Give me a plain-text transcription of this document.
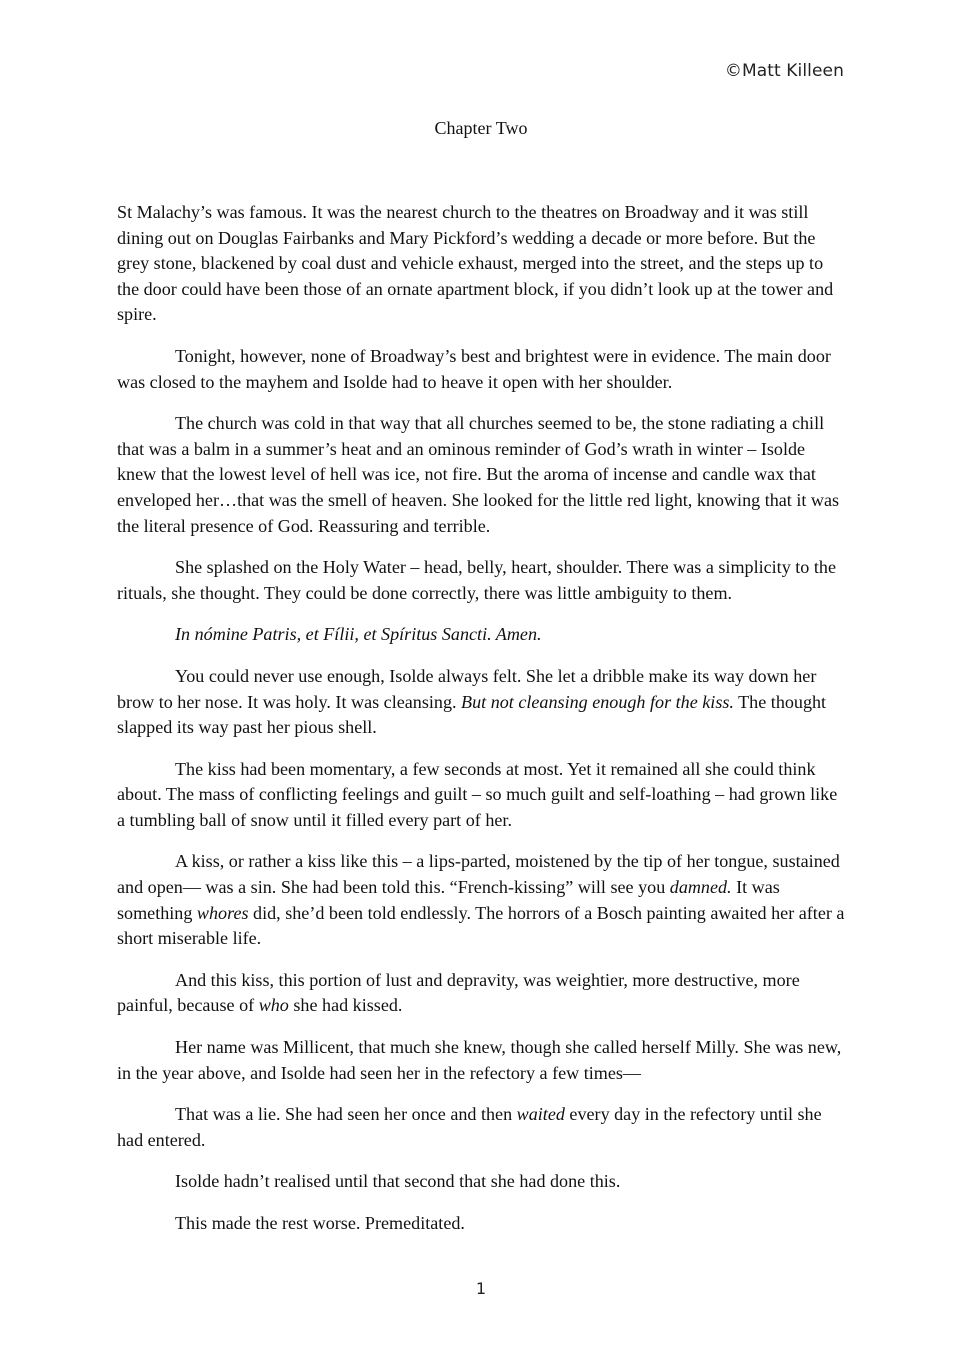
©Matt Killeen
Chapter Two

St Malachy’s was famous. It was the nearest church to the theatres on Broadway and it was still dining out on Douglas Fairbanks and Mary Pickford’s wedding a decade or more before. But the grey stone, blackened by coal dust and vehicle exhaust, merged into the street, and the steps up to the door could have been those of an ornate apartment block, if you didn’t look up at the tower and spire.

Tonight, however, none of Broadway’s best and brightest were in evidence. The main door was closed to the mayhem and Isolde had to heave it open with her shoulder.

The church was cold in that way that all churches seemed to be, the stone radiating a chill that was a balm in a summer’s heat and an ominous reminder of God’s wrath in winter – Isolde knew that the lowest level of hell was ice, not fire. But the aroma of incense and candle wax that enveloped her…that was the smell of heaven. She looked for the little red light, knowing that it was the literal presence of God. Reassuring and terrible.

She splashed on the Holy Water – head, belly, heart, shoulder. There was a simplicity to the rituals, she thought. They could be done correctly, there was little ambiguity to them.

In nómine Patris, et Fílii, et Spíritus Sancti. Amen.

You could never use enough, Isolde always felt. She let a dribble make its way down her brow to her nose. It was holy. It was cleansing. But not cleansing enough for the kiss. The thought slapped its way past her pious shell.

The kiss had been momentary, a few seconds at most. Yet it remained all she could think about. The mass of conflicting feelings and guilt – so much guilt and self-loathing – had grown like a tumbling ball of snow until it filled every part of her.

A kiss, or rather a kiss like this – a lips-parted, moistened by the tip of her tongue, sustained and open— was a sin. She had been told this. “French-kissing” will see you damned. It was something whores did, she’d been told endlessly. The horrors of a Bosch painting awaited her after a short miserable life.

And this kiss, this portion of lust and depravity, was weightier, more destructive, more painful, because of who she had kissed.

Her name was Millicent, that much she knew, though she called herself Milly. She was new, in the year above, and Isolde had seen her in the refectory a few times—

That was a lie. She had seen her once and then waited every day in the refectory until she had entered.

Isolde hadn’t realised until that second that she had done this.

This made the rest worse. Premeditated.

1
